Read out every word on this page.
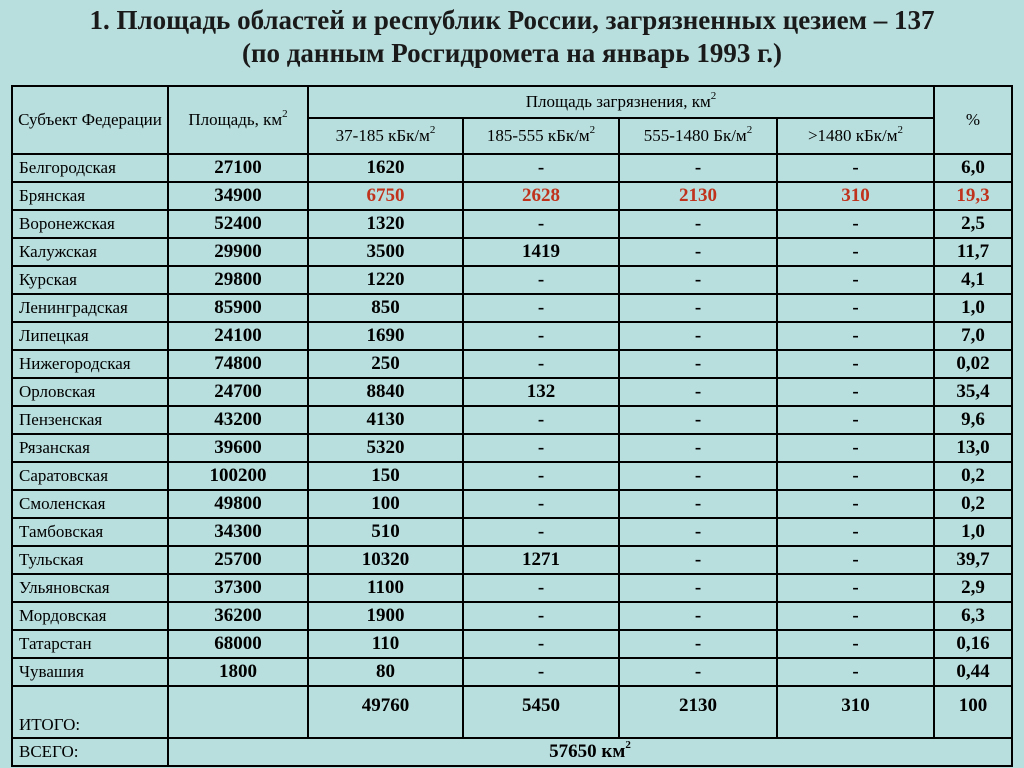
1. Площадь областей и республик России, загрязненных цезием – 137
(по данным Росгидромета на январь 1993 г.)
Субъект Федерации	Площадь, $км^2$	Площадь загрязнения, $км^2$				%
		37-185 кБк/$м^2$	185-555 кБк/$м^2$	555-1480 $Бк/м^2$	>1480 кБк/$м^2$
Белгородская	27100	1620	-	-	-	6,0
Брянская	34900	6750	2628	2130	310	19,3
Воронежская	52400	1320	-	-	-	2,5
Калужская	29900	3500	1419	-	-	11,7
Курская	29800	1220	-	-	-	4,1
Ленинградская	85900	850	-	-	-	1,0
Липецкая	24100	1690	-	-	-	7,0
Нижегородская	74800	250	-	-	-	0,02
Орловская	24700	8840	132	-	-	35,4
Пензенская	43200	4130	-	-	-	9,6
Рязанская	39600	5320	-	-	-	13,0
Саратовская	100200	150	-	-	-	0,2
Смоленская	49800	100	-	-	-	0,2
Тамбовская	34300	510	-	-	-	1,0
Тульская	25700	10320	1271	-	-	39,7
Ульяновская	37300	1100	-	-	-	2,9
Мордовская	36200	1900	-	-	-	6,3
Татарстан	68000	110	-	-	-	0,16
Чувашия	1800	80	-	-	-	0,44
ИТОГО:		49760	5450	2130	310	100
ВСЕГО:	57650 $км^2$
